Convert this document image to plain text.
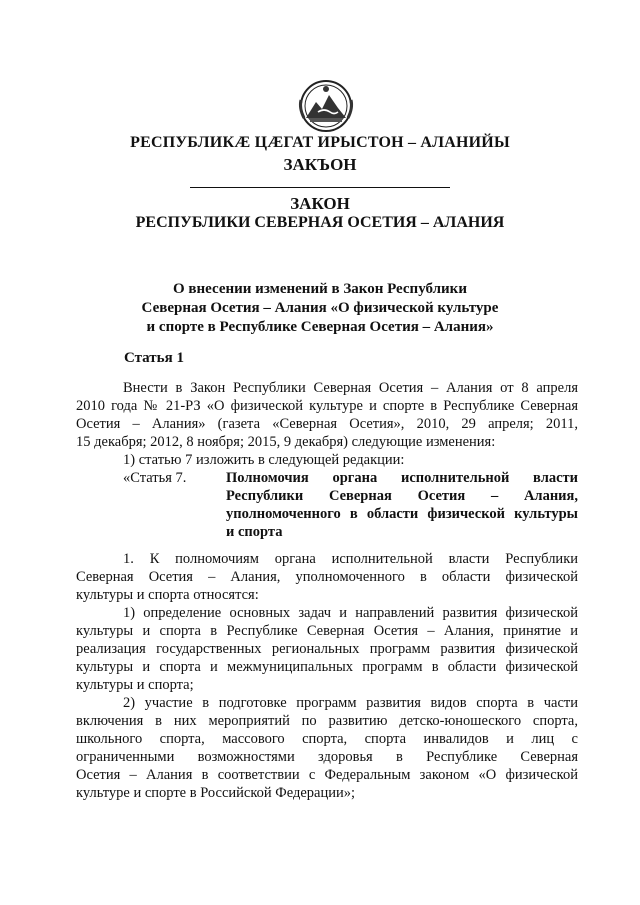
РЕСПУБЛИКӔ ЦӔГАТ ИРЫСТОН – АЛАНИЙЫ
ЗАКЪОН
ЗАКОН
РЕСПУБЛИКИ СЕВЕРНАЯ ОСЕТИЯ – АЛАНИЯ
О внесении изменений в Закон Республики
Северная Осетия – Алания «О физической культуре
и спорте в Республике Северная Осетия – Алания»
Статья 1
Внести в Закон Республики Северная Осетия – Алания от 8 апреля
2010 года № 21-РЗ «О физической культуре и спорте в Республике Северная
Осетия – Алания» (газета «Северная Осетия», 2010, 29 апреля; 2011,
15 декабря; 2012, 8 ноября; 2015, 9 декабря) следующие изменения:
1) статью 7 изложить в следующей редакции:
«Статья 7.	Полномочия органа исполнительной власти
Республики Северная Осетия – Алания,
уполномоченного в области физической культуры
и спорта
1. К полномочиям органа исполнительной власти Республики
Северная Осетия – Алания, уполномоченного в области физической
культуры и спорта относятся:
1) определение основных задач и направлений развития физической
культуры и спорта в Республике Северная Осетия – Алания, принятие и
реализация государственных региональных программ развития физической
культуры и спорта и межмуниципальных программ в области физической
культуры и спорта;
2) участие в подготовке программ развития видов спорта в части
включения в них мероприятий по развитию детско-юношеского спорта,
школьного спорта, массового спорта, спорта инвалидов и лиц с
ограниченными возможностями здоровья в Республике Северная
Осетия – Алания в соответствии с Федеральным законом «О физической
культуре и спорте в Российской Федерации»;
